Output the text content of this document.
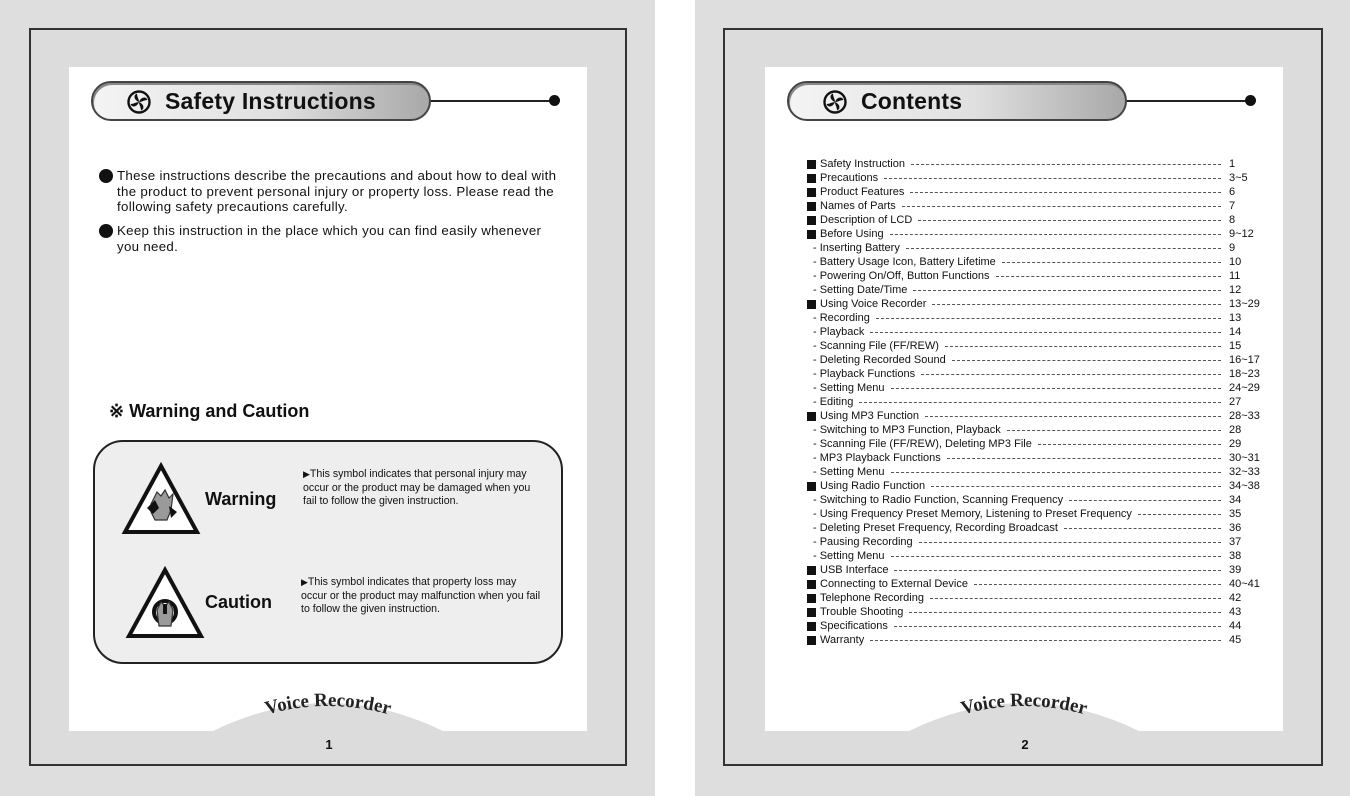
Safety Instructions
These instructions describe the precautions and about how to deal with the product to prevent personal injury or property loss. Please read the following safety precautions carefully.
Keep this instruction in the place which you can find easily whenever you need.
※ Warning and Caution
Warning
▶This symbol indicates that personal injury may occur or the product may be damaged when you fail to follow the given instruction.
Caution
▶This symbol indicates that property loss may occur or the product may malfunction when you fail to follow the given instruction.
Voice Recorder
1
Contents
Safety Instruction	1
Precautions	3~5
Product Features	6
Names of Parts	7
Description of LCD	8
Before Using	9~12
- Inserting Battery	9
- Battery Usage Icon, Battery Lifetime	10
- Powering On/Off, Button Functions	11
- Setting Date/Time	12
Using Voice Recorder	13~29
- Recording	13
- Playback	14
- Scanning File (FF/REW)	15
- Deleting Recorded Sound	16~17
- Playback Functions	18~23
- Setting Menu	24~29
- Editing	27
Using MP3 Function	28~33
- Switching to MP3 Function, Playback	28
- Scanning File (FF/REW), Deleting MP3 File	29
- MP3 Playback Functions	30~31
- Setting Menu	32~33
Using Radio Function	34~38
- Switching to Radio Function, Scanning Frequency	34
- Using Frequency Preset Memory, Listening to Preset Frequency	35
- Deleting Preset Frequency, Recording Broadcast	36
- Pausing Recording	37
- Setting Menu	38
USB Interface	39
Connecting to External Device	40~41
Telephone Recording	42
Trouble Shooting	43
Specifications	44
Warranty	45
Voice Recorder
2
